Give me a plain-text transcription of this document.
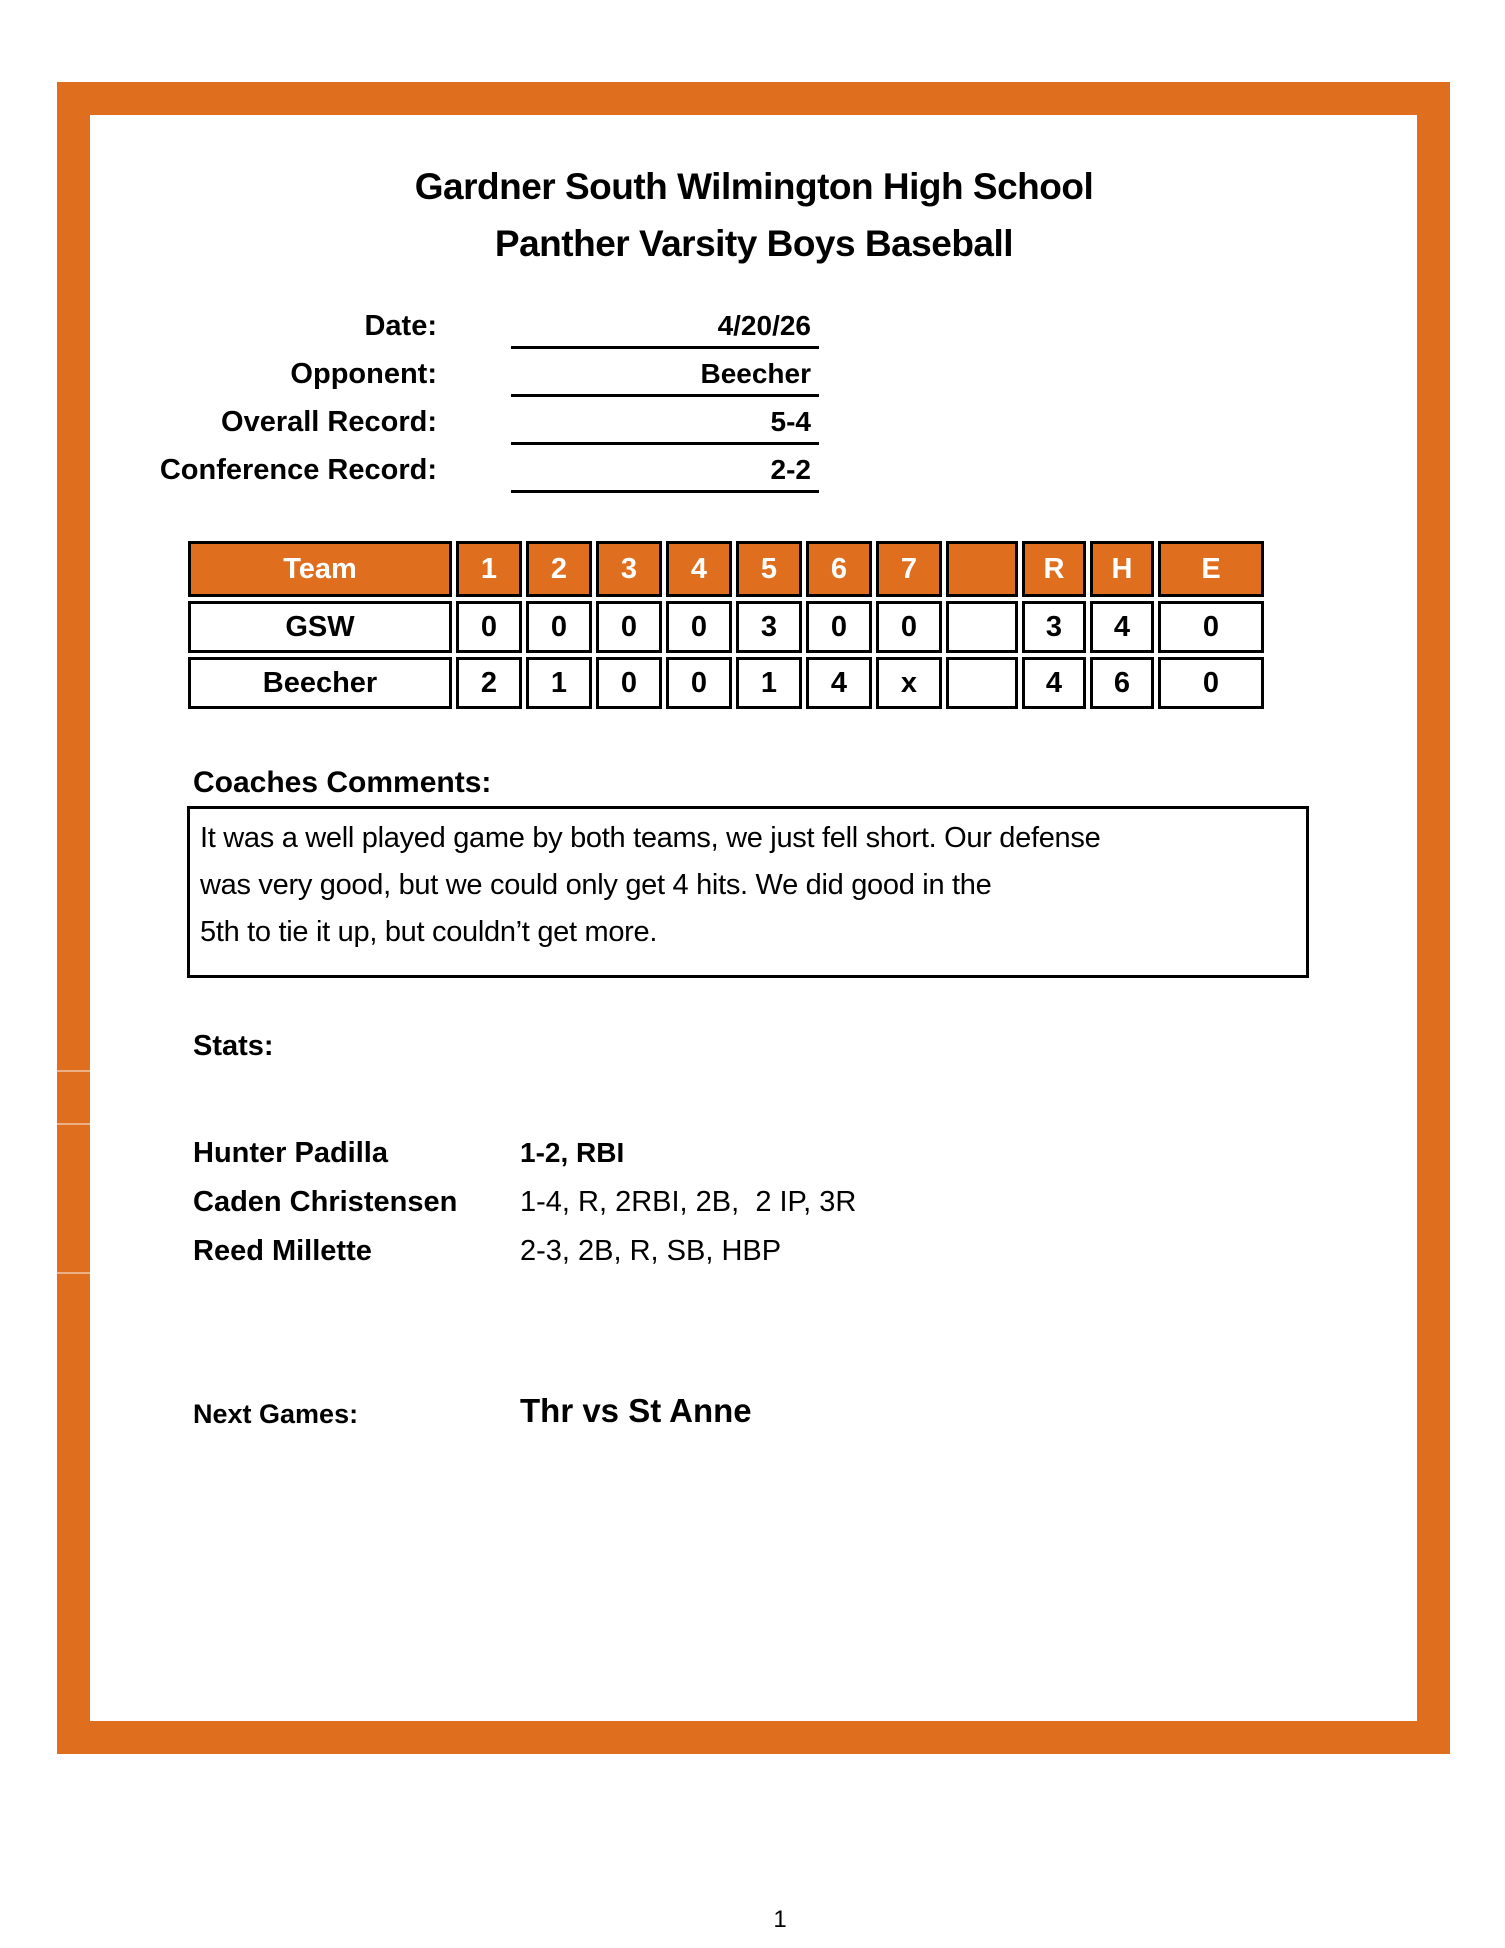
Gardner South Wilmington High School
Panther Varsity Boys Baseball
Date:	4/20/26
Opponent:	Beecher
Overall Record:	5-4
Conference Record:	2-2
Team	1	2	3	4	5	6	7		R	H	E
GSW	0	0	0	0	3	0	0		3	4	0
Beecher	2	1	0	0	1	4	x		4	6	0
Coaches Comments:
It was a well played game by both teams, we just fell short. Our defense
was very good, but we could only get 4 hits. We did good in the
5th to tie it up, but couldn’t get more.
Stats:
Hunter Padilla	1-2, RBI
Caden Christensen	1-4, R, 2RBI, 2B,  2 IP, 3R
Reed Millette	2-3, 2B, R, SB, HBP
Next Games:	Thr vs St Anne
1
